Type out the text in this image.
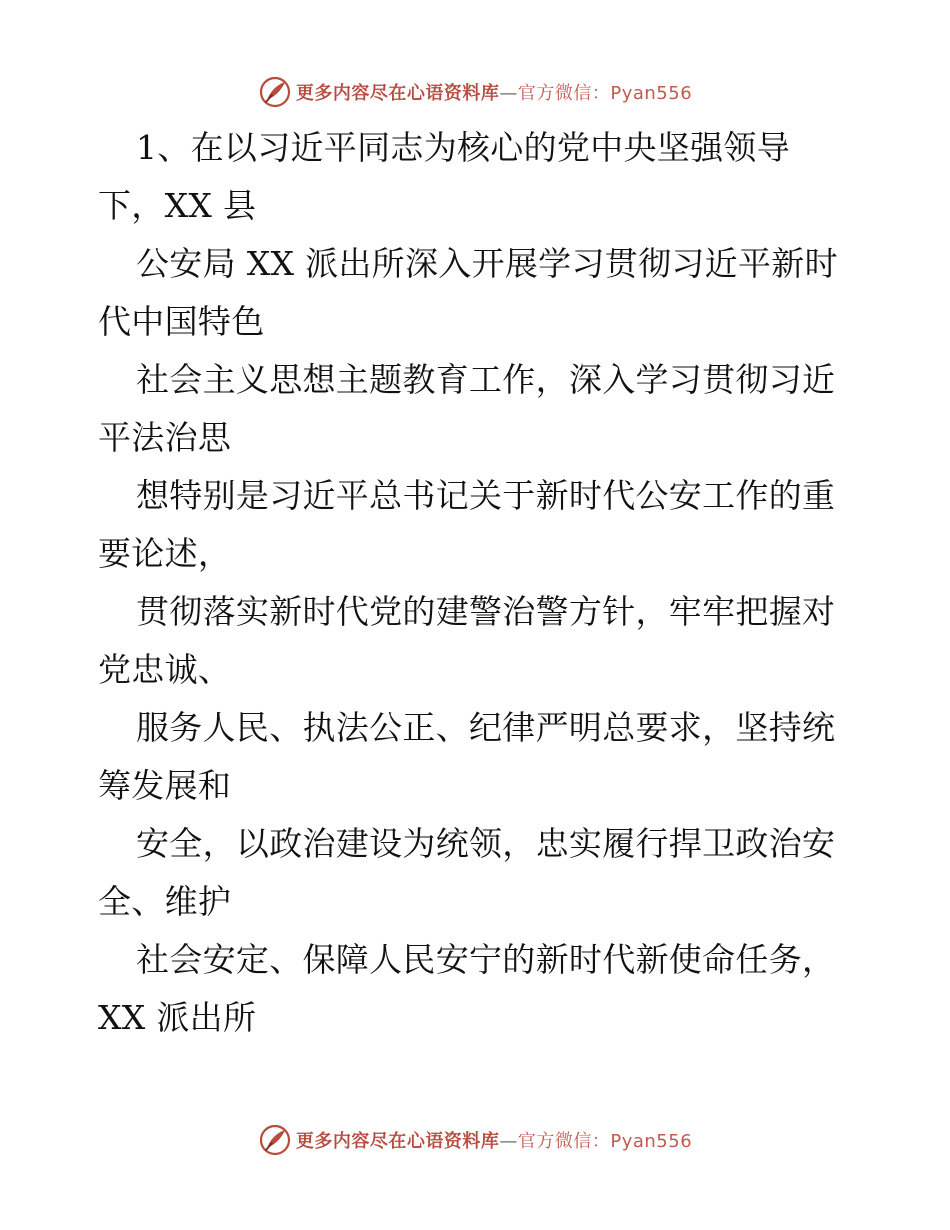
更多内容尽在心语资料库—官方微信：Pyan556
1、在以习近平同志为核心的党中央坚强领导
下，XX 县
公安局 XX 派出所深入开展学习贯彻习近平新时
代中国特色
社会主义思想主题教育工作，深入学习贯彻习近
平法治思
想特别是习近平总书记关于新时代公安工作的重
要论述，
贯彻落实新时代党的建警治警方针，牢牢把握对
党忠诚、
服务人民、执法公正、纪律严明总要求，坚持统
筹发展和
安全，以政治建设为统领，忠实履行捍卫政治安
全、维护
社会安定、保障人民安宁的新时代新使命任务，
XX 派出所
更多内容尽在心语资料库—官方微信：Pyan556
